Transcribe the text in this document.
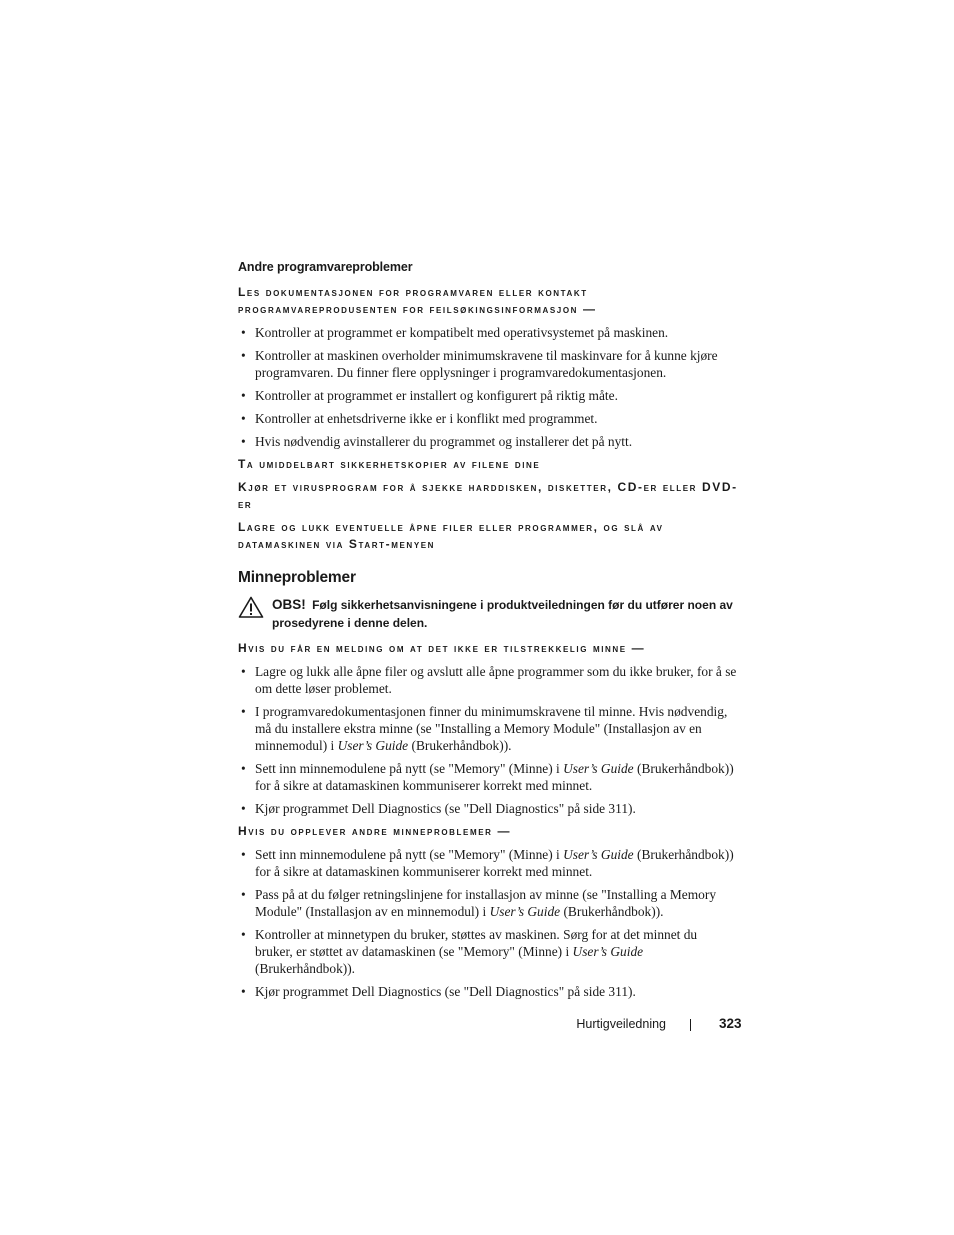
Andre programvareproblemer
Les dokumentasjonen for programvaren eller kontakt programvareprodusenten for feilsøkingsinformasjon —
• Kontroller at programmet er kompatibelt med operativsystemet på maskinen.
• Kontroller at maskinen overholder minimumskravene til maskinvare for å kunne kjøre programvaren. Du finner flere opplysninger i programvaredokumentasjonen.
• Kontroller at programmet er installert og konfigurert på riktig måte.
• Kontroller at enhetsdriverne ikke er i konflikt med programmet.
• Hvis nødvendig avinstallerer du programmet og installerer det på nytt.
Ta umiddelbart sikkerhetskopier av filene dine
Kjør et virusprogram for å sjekke harddisken, disketter, CD-er eller DVD-er
Lagre og lukk eventuelle åpne filer eller programmer, og slå av datamaskinen via Start-menyen
Minneproblemer
OBS! Følg sikkerhetsanvisningene i produktveiledningen før du utfører noen av prosedyrene i denne delen.
Hvis du får en melding om at det ikke er tilstrekkelig minne —
• Lagre og lukk alle åpne filer og avslutt alle åpne programmer som du ikke bruker, for å se om dette løser problemet.
• I programvaredokumentasjonen finner du minimumskravene til minne. Hvis nødvendig, må du installere ekstra minne (se "Installing a Memory Module" (Installasjon av en minnemodul) i User’s Guide (Brukerhåndbok)).
• Sett inn minnemodulene på nytt (se "Memory" (Minne) i User’s Guide (Brukerhåndbok)) for å sikre at datamaskinen kommuniserer korrekt med minnet.
• Kjør programmet Dell Diagnostics (se "Dell Diagnostics" på side 311).
Hvis du opplever andre minneproblemer —
• Sett inn minnemodulene på nytt (se "Memory" (Minne) i User’s Guide (Brukerhåndbok)) for å sikre at datamaskinen kommuniserer korrekt med minnet.
• Pass på at du følger retningslinjene for installasjon av minne (se "Installing a Memory Module" (Installasjon av en minnemodul) i User’s Guide (Brukerhåndbok)).
• Kontroller at minnetypen du bruker, støttes av maskinen. Sørg for at det minnet du bruker, er støttet av datamaskinen (se "Memory" (Minne) i User’s Guide (Brukerhåndbok)).
• Kjør programmet Dell Diagnostics (se "Dell Diagnostics" på side 311).
Hurtigveiledning	323
